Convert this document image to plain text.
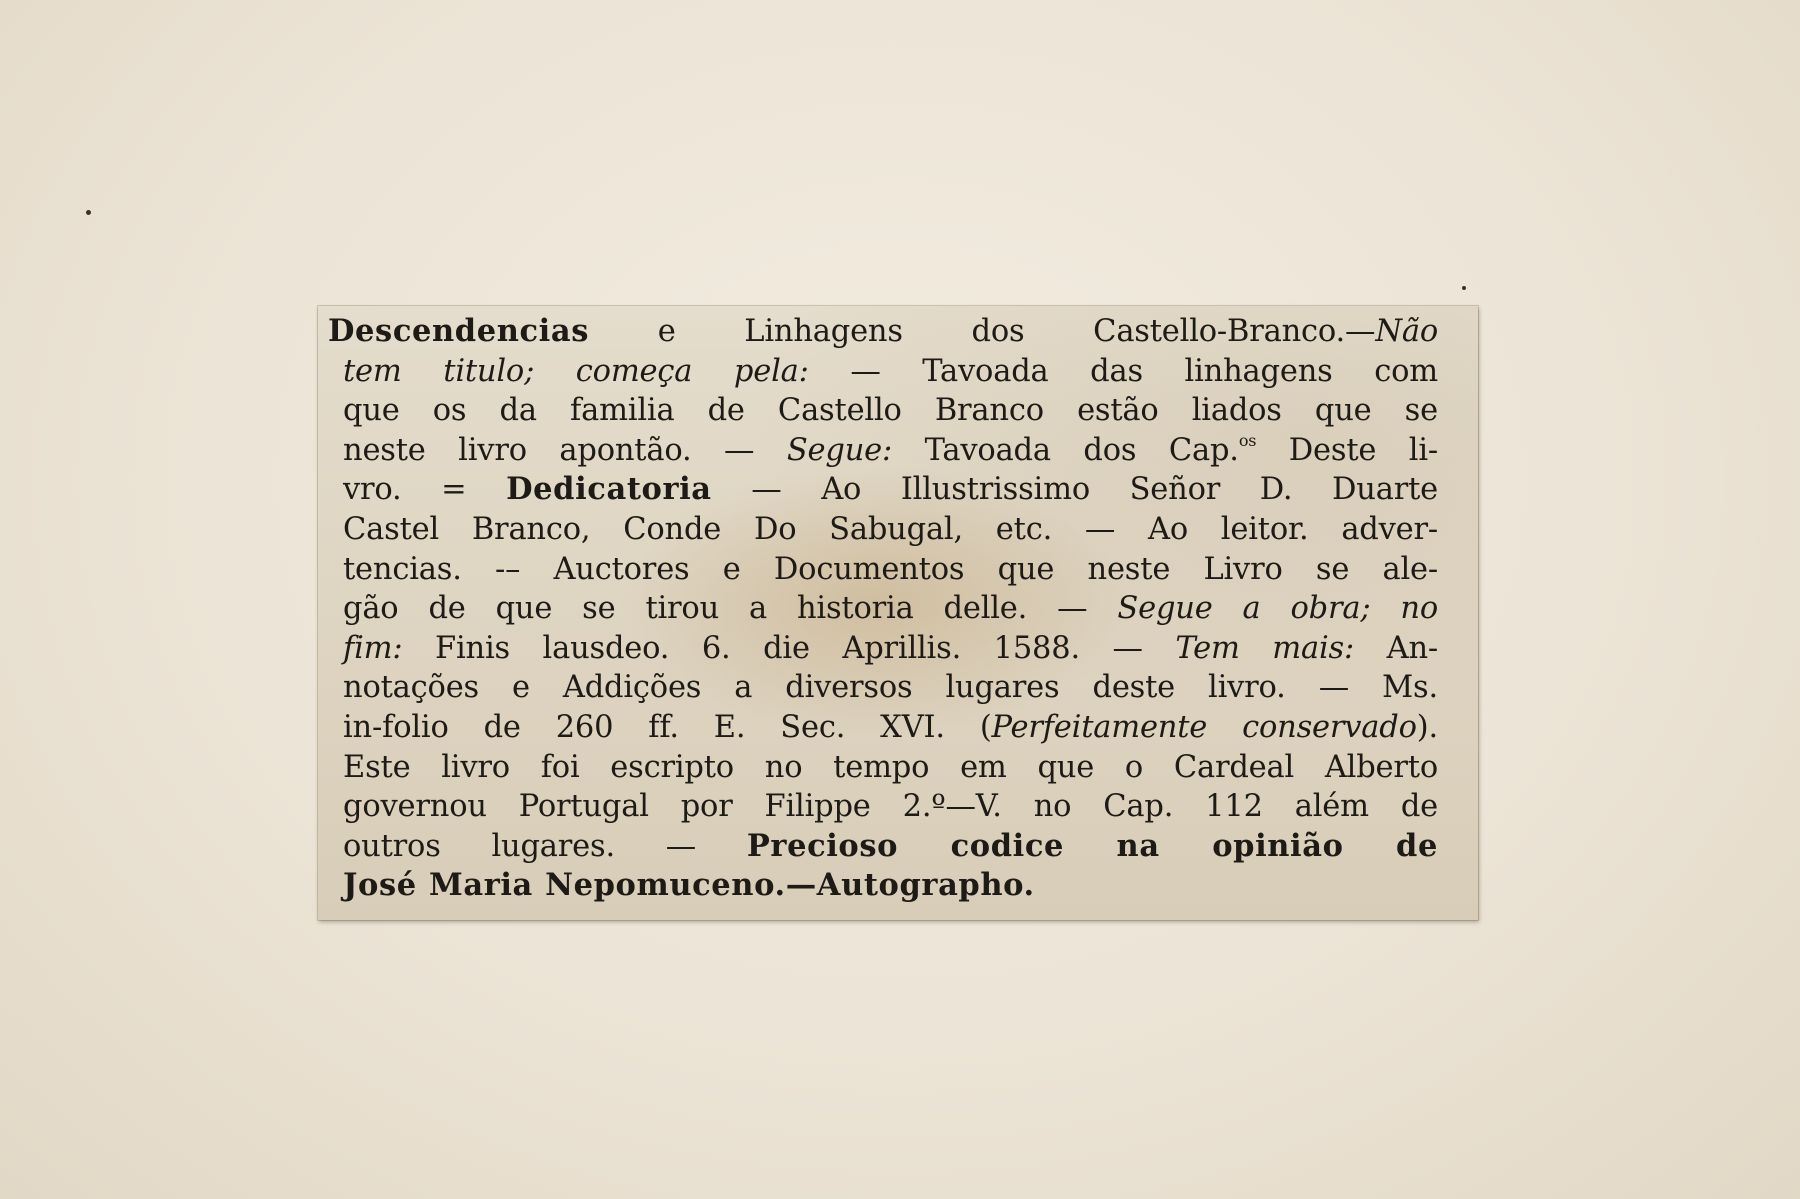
Descendencias e Linhagens dos Castello-Branco.—Não
tem titulo; começa pela: — Tavoada das linhagens com
que os da familia de Castello Branco estão liados que se
neste livro apontão. — Segue: Tavoada dos Cap.$^{os}$ Deste li-
vro. = Dedicatoria — Ao Illustrissimo Señor D. Duarte
Castel Branco, Conde Do Sabugal, etc. — Ao leitor. adver-
tencias. -– Auctores e Documentos que neste Livro se ale-
gão de que se tirou a historia delle. — Segue a obra; no
fim: Finis lausdeo. 6. die Aprillis. 1588. — Tem mais: An-
notações e Addições a diversos lugares deste livro. — Ms.
in-folio de 260 ff. E. Sec. XVI. (Perfeitamente conservado).
Este livro foi escripto no tempo em que o Cardeal Alberto
governou Portugal por Filippe 2.º—V. no Cap. 112 além de
outros lugares. — Precioso codice na opinião de
José Maria Nepomuceno.—Autographo.
